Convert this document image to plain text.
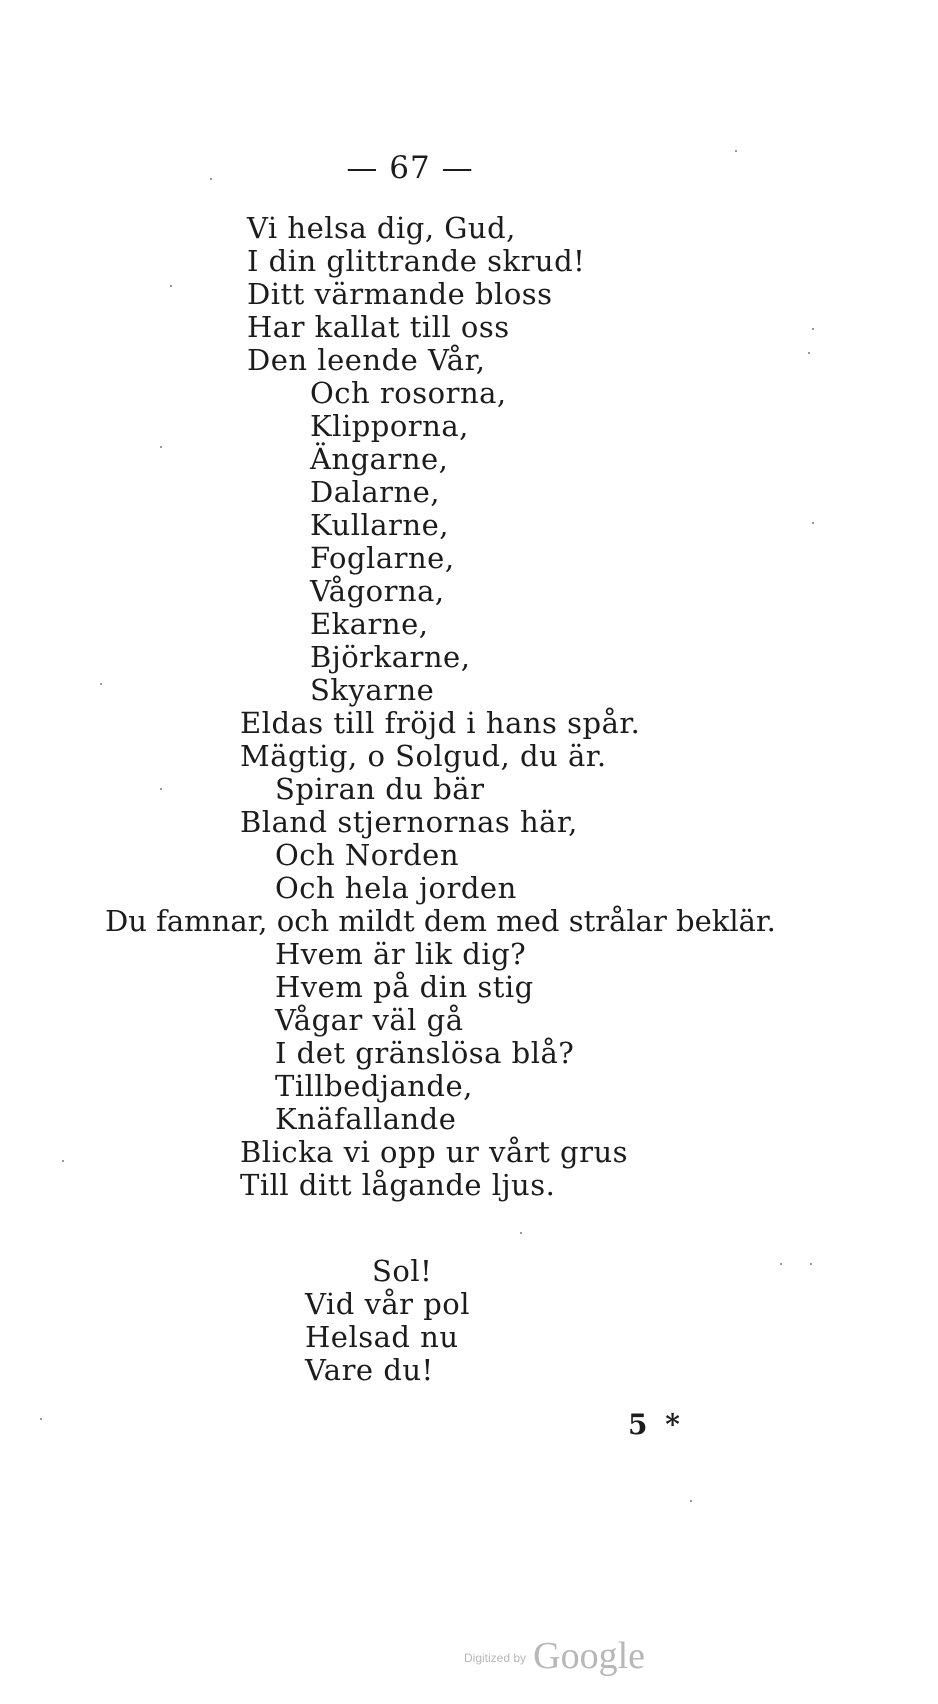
— 67 —
Vi helsa dig, Gud,
I din glittrande skrud!
Ditt värmande bloss
Har kallat till oss
Den leende Vår,
Och rosorna,
Klipporna,
Ängarne,
Dalarne,
Kullarne,
Foglarne,
Vågorna,
Ekarne,
Björkarne,
Skyarne
Eldas till fröjd i hans spår.
Mägtig, o Solgud, du är.
Spiran du bär
Bland stjernornas här,
Och Norden
Och hela jorden
Du famnar, och mildt dem med strålar beklär.
Hvem är lik dig?
Hvem på din stig
Vågar väl gå
I det gränslösa blå?
Tillbedjande,
Knäfallande
Blicka vi opp ur vårt grus
Till ditt lågande ljus.
Sol!
Vid vår pol
Helsad nu
Vare du!
5 *
$^{Digitized by}$ Google
